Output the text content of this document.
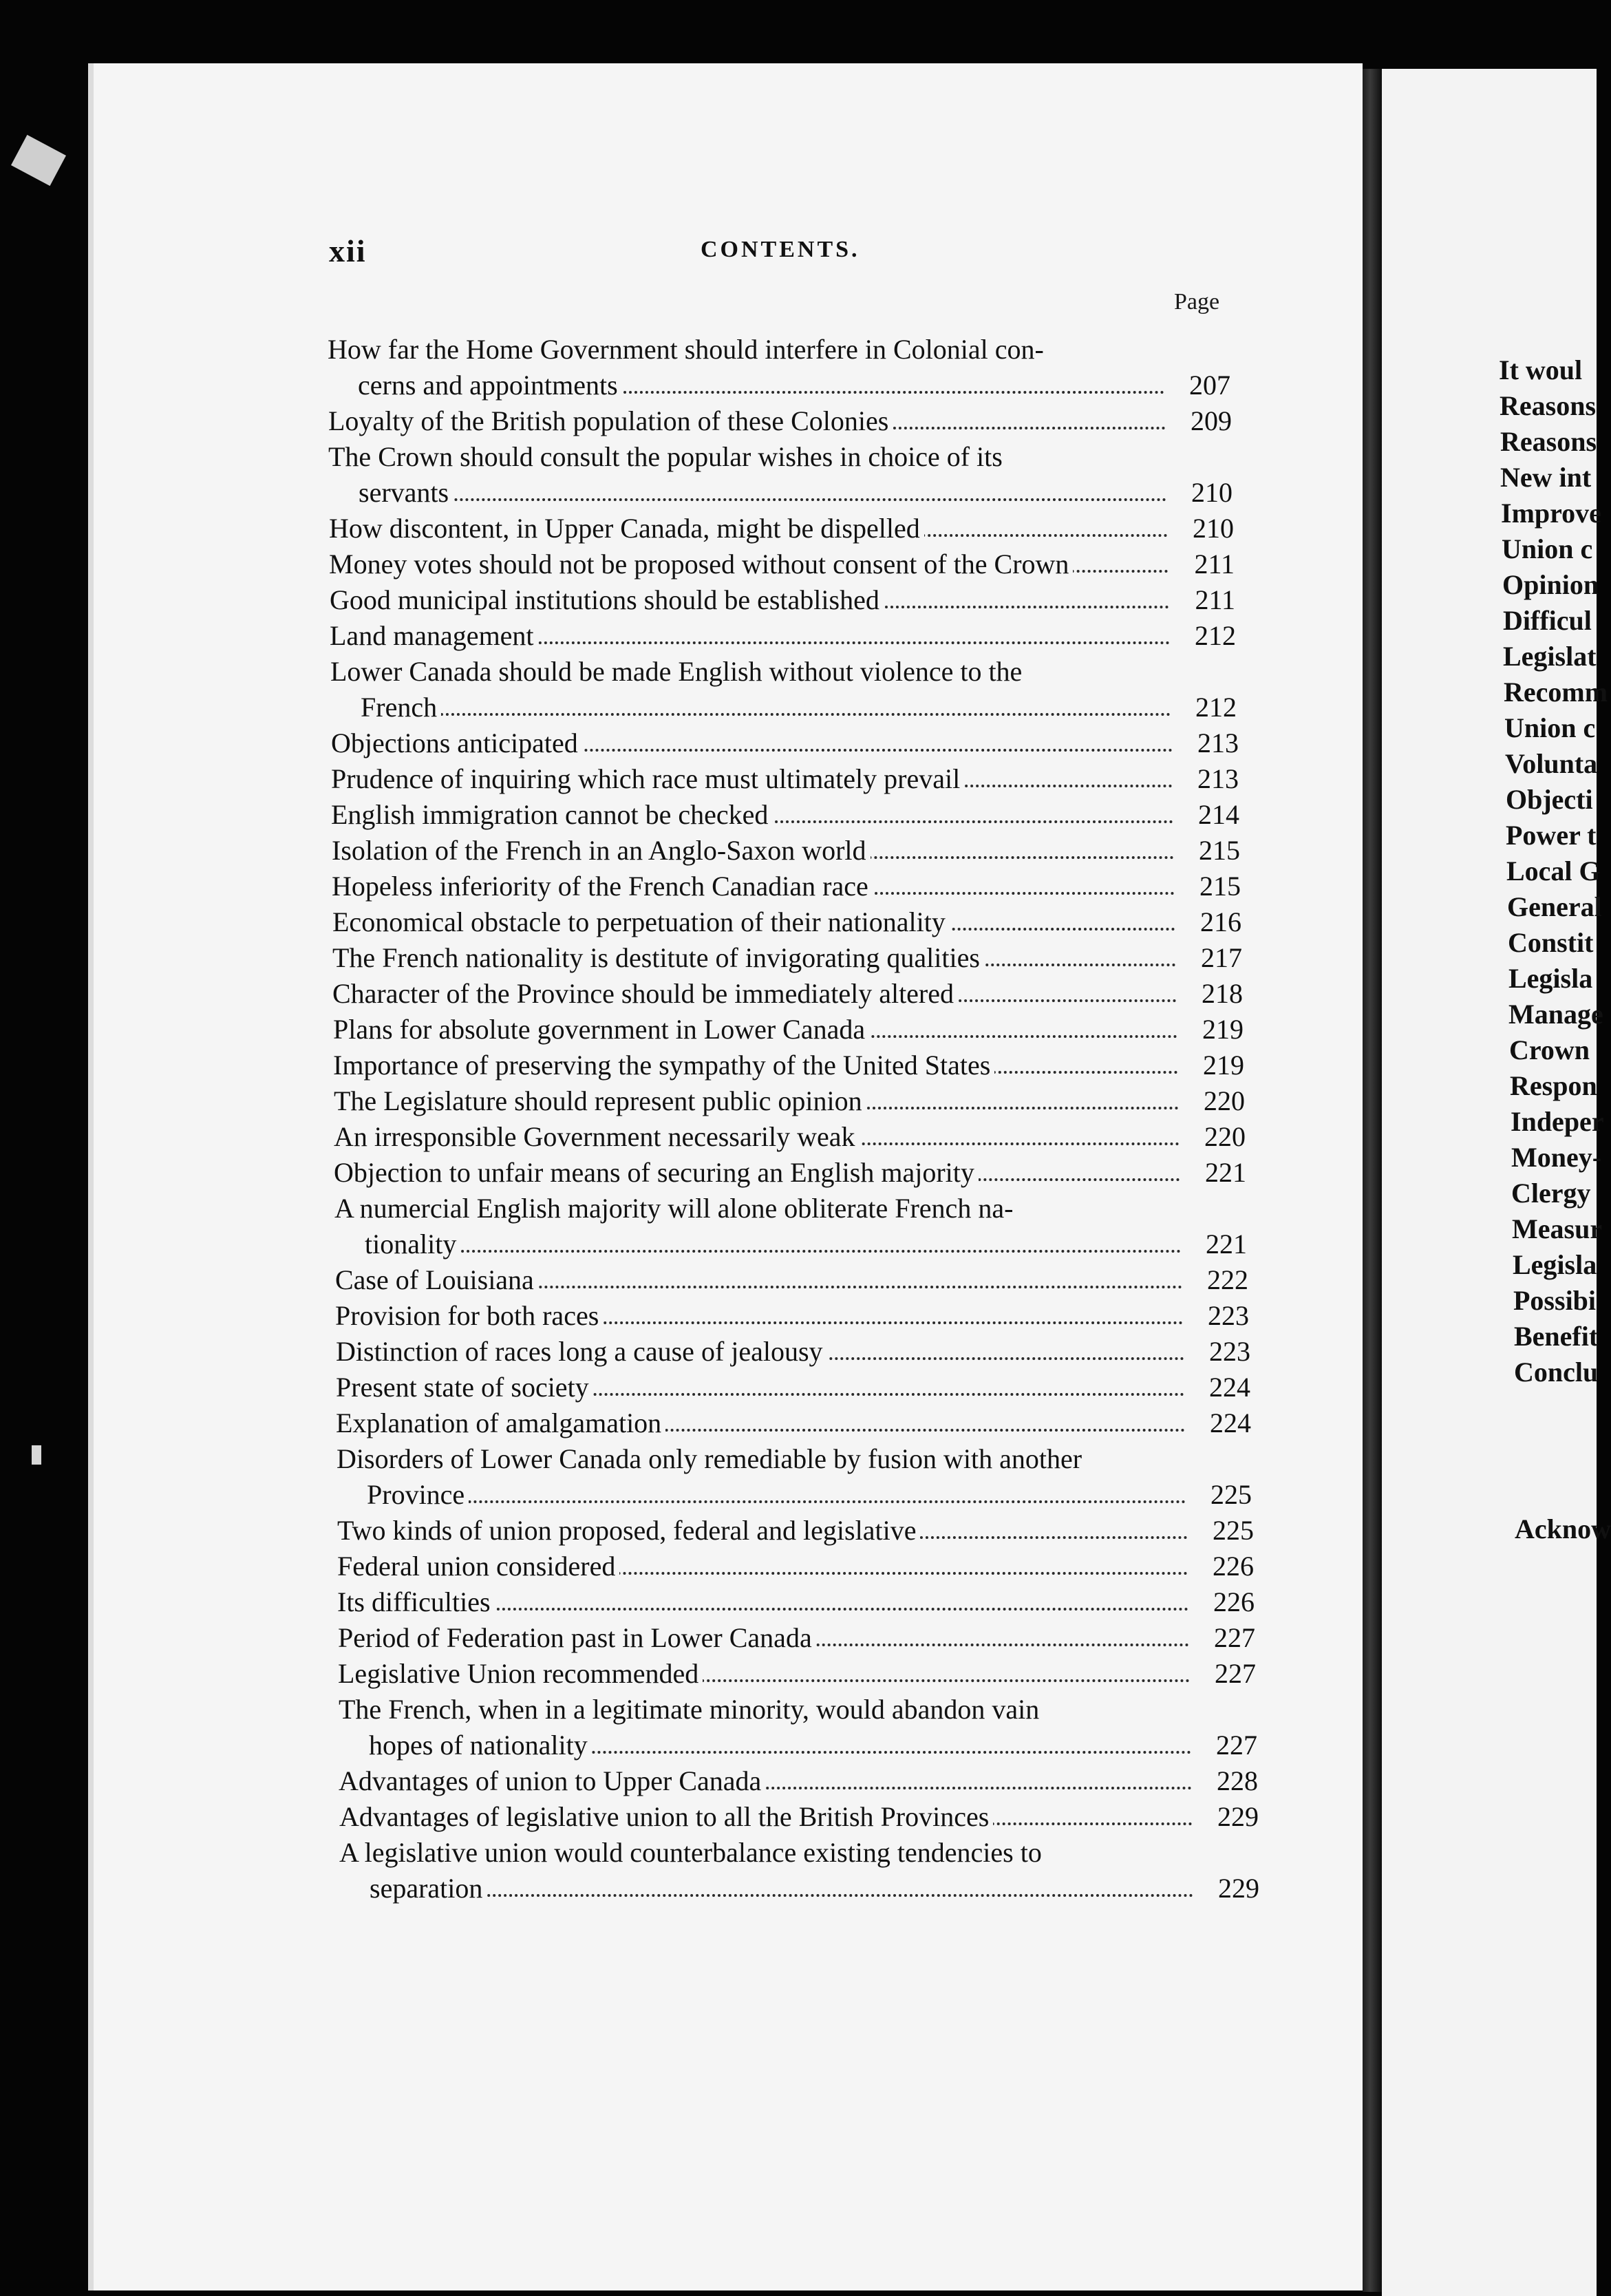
xii	CONTENTS.
Page
How far the Home Government should interfere in Colonial con-
cerns and appointments	207
Loyalty of the British population of these Colonies	209
The Crown should consult the popular wishes in choice of its
servants	210
How discontent, in Upper Canada, might be dispelled	210
Money votes should not be proposed without consent of the Crown	211
Good municipal institutions should be established	211
Land management	212
Lower Canada should be made English without violence to the
French	212
Objections anticipated	213
Prudence of inquiring which race must ultimately prevail	213
English immigration cannot be checked	214
Isolation of the French in an Anglo-Saxon world	215
Hopeless inferiority of the French Canadian race	215
Economical obstacle to perpetuation of their nationality	216
The French nationality is destitute of invigorating qualities	217
Character of the Province should be immediately altered	218
Plans for absolute government in Lower Canada	219
Importance of preserving the sympathy of the United States	219
The Legislature should represent public opinion	220
An irresponsible Government necessarily weak	220
Objection to unfair means of securing an English majority	221
A numercial English majority will alone obliterate French na-
tionality	221
Case of Louisiana	222
Provision for both races	223
Distinction of races long a cause of jealousy	223
Present state of society	224
Explanation of amalgamation	224
Disorders of Lower Canada only remediable by fusion with another
Province	225
Two kinds of union proposed, federal and legislative	225
Federal union considered	226
Its difficulties	226
Period of Federation past in Lower Canada	227
Legislative Union recommended	227
The French, when in a legitimate minority, would abandon vain
hopes of nationality	227
Advantages of union to Upper Canada	228
Advantages of legislative union to all the British Provinces	229
A legislative union would counterbalance existing tendencies to
separation	229
It woul
Reasons
Reasons
New int
Improve
Union c
Opinion
Difficul
Legislat
Recomm
Union c
Volunta
Objecti
Power t
Local G
General
Constit
Legisla
Manage
Crown
Respon
Indeper
Money-
Clergy
Measur
Legisla
Possibi
Benefit
Conclu
Acknow
